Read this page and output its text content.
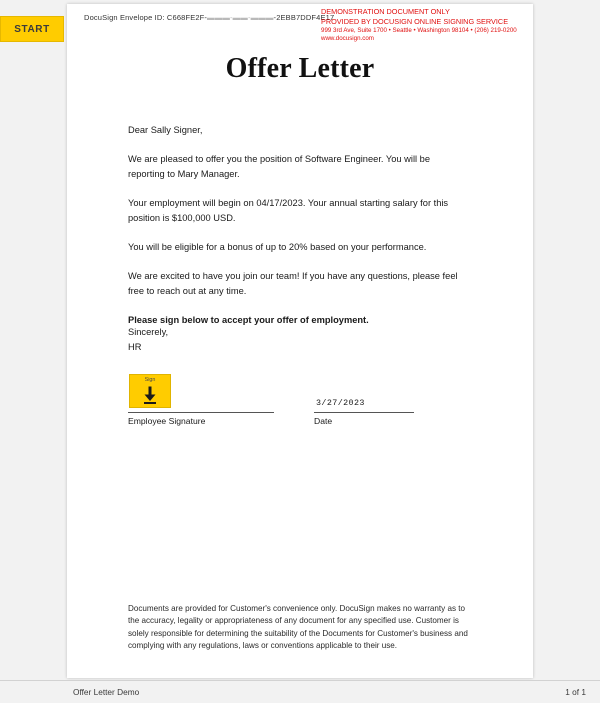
START
DocuSign Envelope ID: C668FE2F-▬▬▬-▬▬-▬▬▬-2EBB7DDF4E17
DEMONSTRATION DOCUMENT ONLY
PROVIDED BY DOCUSIGN ONLINE SIGNING SERVICE
999 3rd Ave, Suite 1700 • Seattle • Washington 98104 • (206) 219-0200
www.docusign.com
Offer Letter

Dear Sally Signer,

We are pleased to offer you the position of Software Engineer. You will be reporting to Mary Manager.

Your employment will begin on 04/17/2023. Your annual starting salary for this position is $100,000 USD.

You will be eligible for a bonus of up to 20% based on your performance.

We are excited to have you join our team! If you have any questions, please feel free to reach out at any time.

Please sign below to accept your offer of employment.

Sincerely,
HR
Sign
3/27/2023
Employee Signature	Date
Documents are provided for Customer's convenience only. DocuSign makes no warranty as to the accuracy, legality or appropriateness of any document for any specified use. Customer is solely responsible for determining the suitability of the Documents for Customer's business and complying with any regulations, laws or conventions applicable to their use.
Offer Letter Demo	1 of 1
